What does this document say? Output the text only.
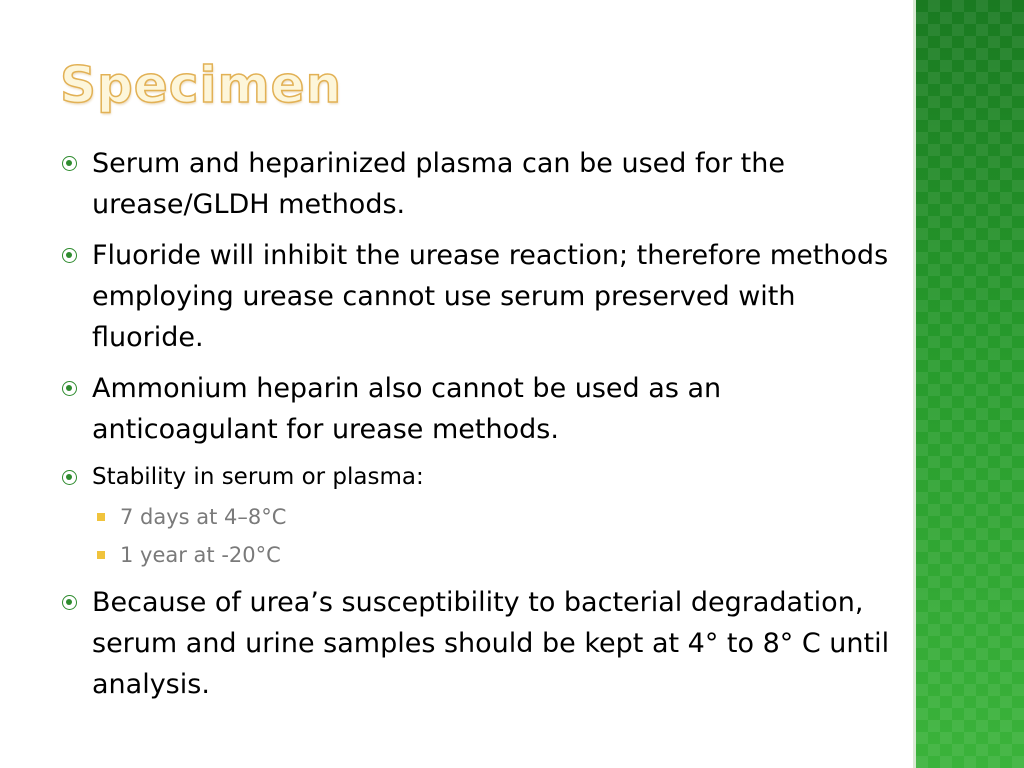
Specimen
Serum and heparinized plasma can be used for the urease/GLDH methods.
Fluoride will inhibit the urease reaction; therefore methods employing urease cannot use serum preserved with fluoride.
Ammonium heparin also cannot be used as an anticoagulant for urease methods.
Stability in serum or plasma:
7 days at 4–8°C
1 year at -20°C
Because of urea’s susceptibility to bacterial degradation, serum and urine samples should be kept at 4° to 8° C until analysis.
